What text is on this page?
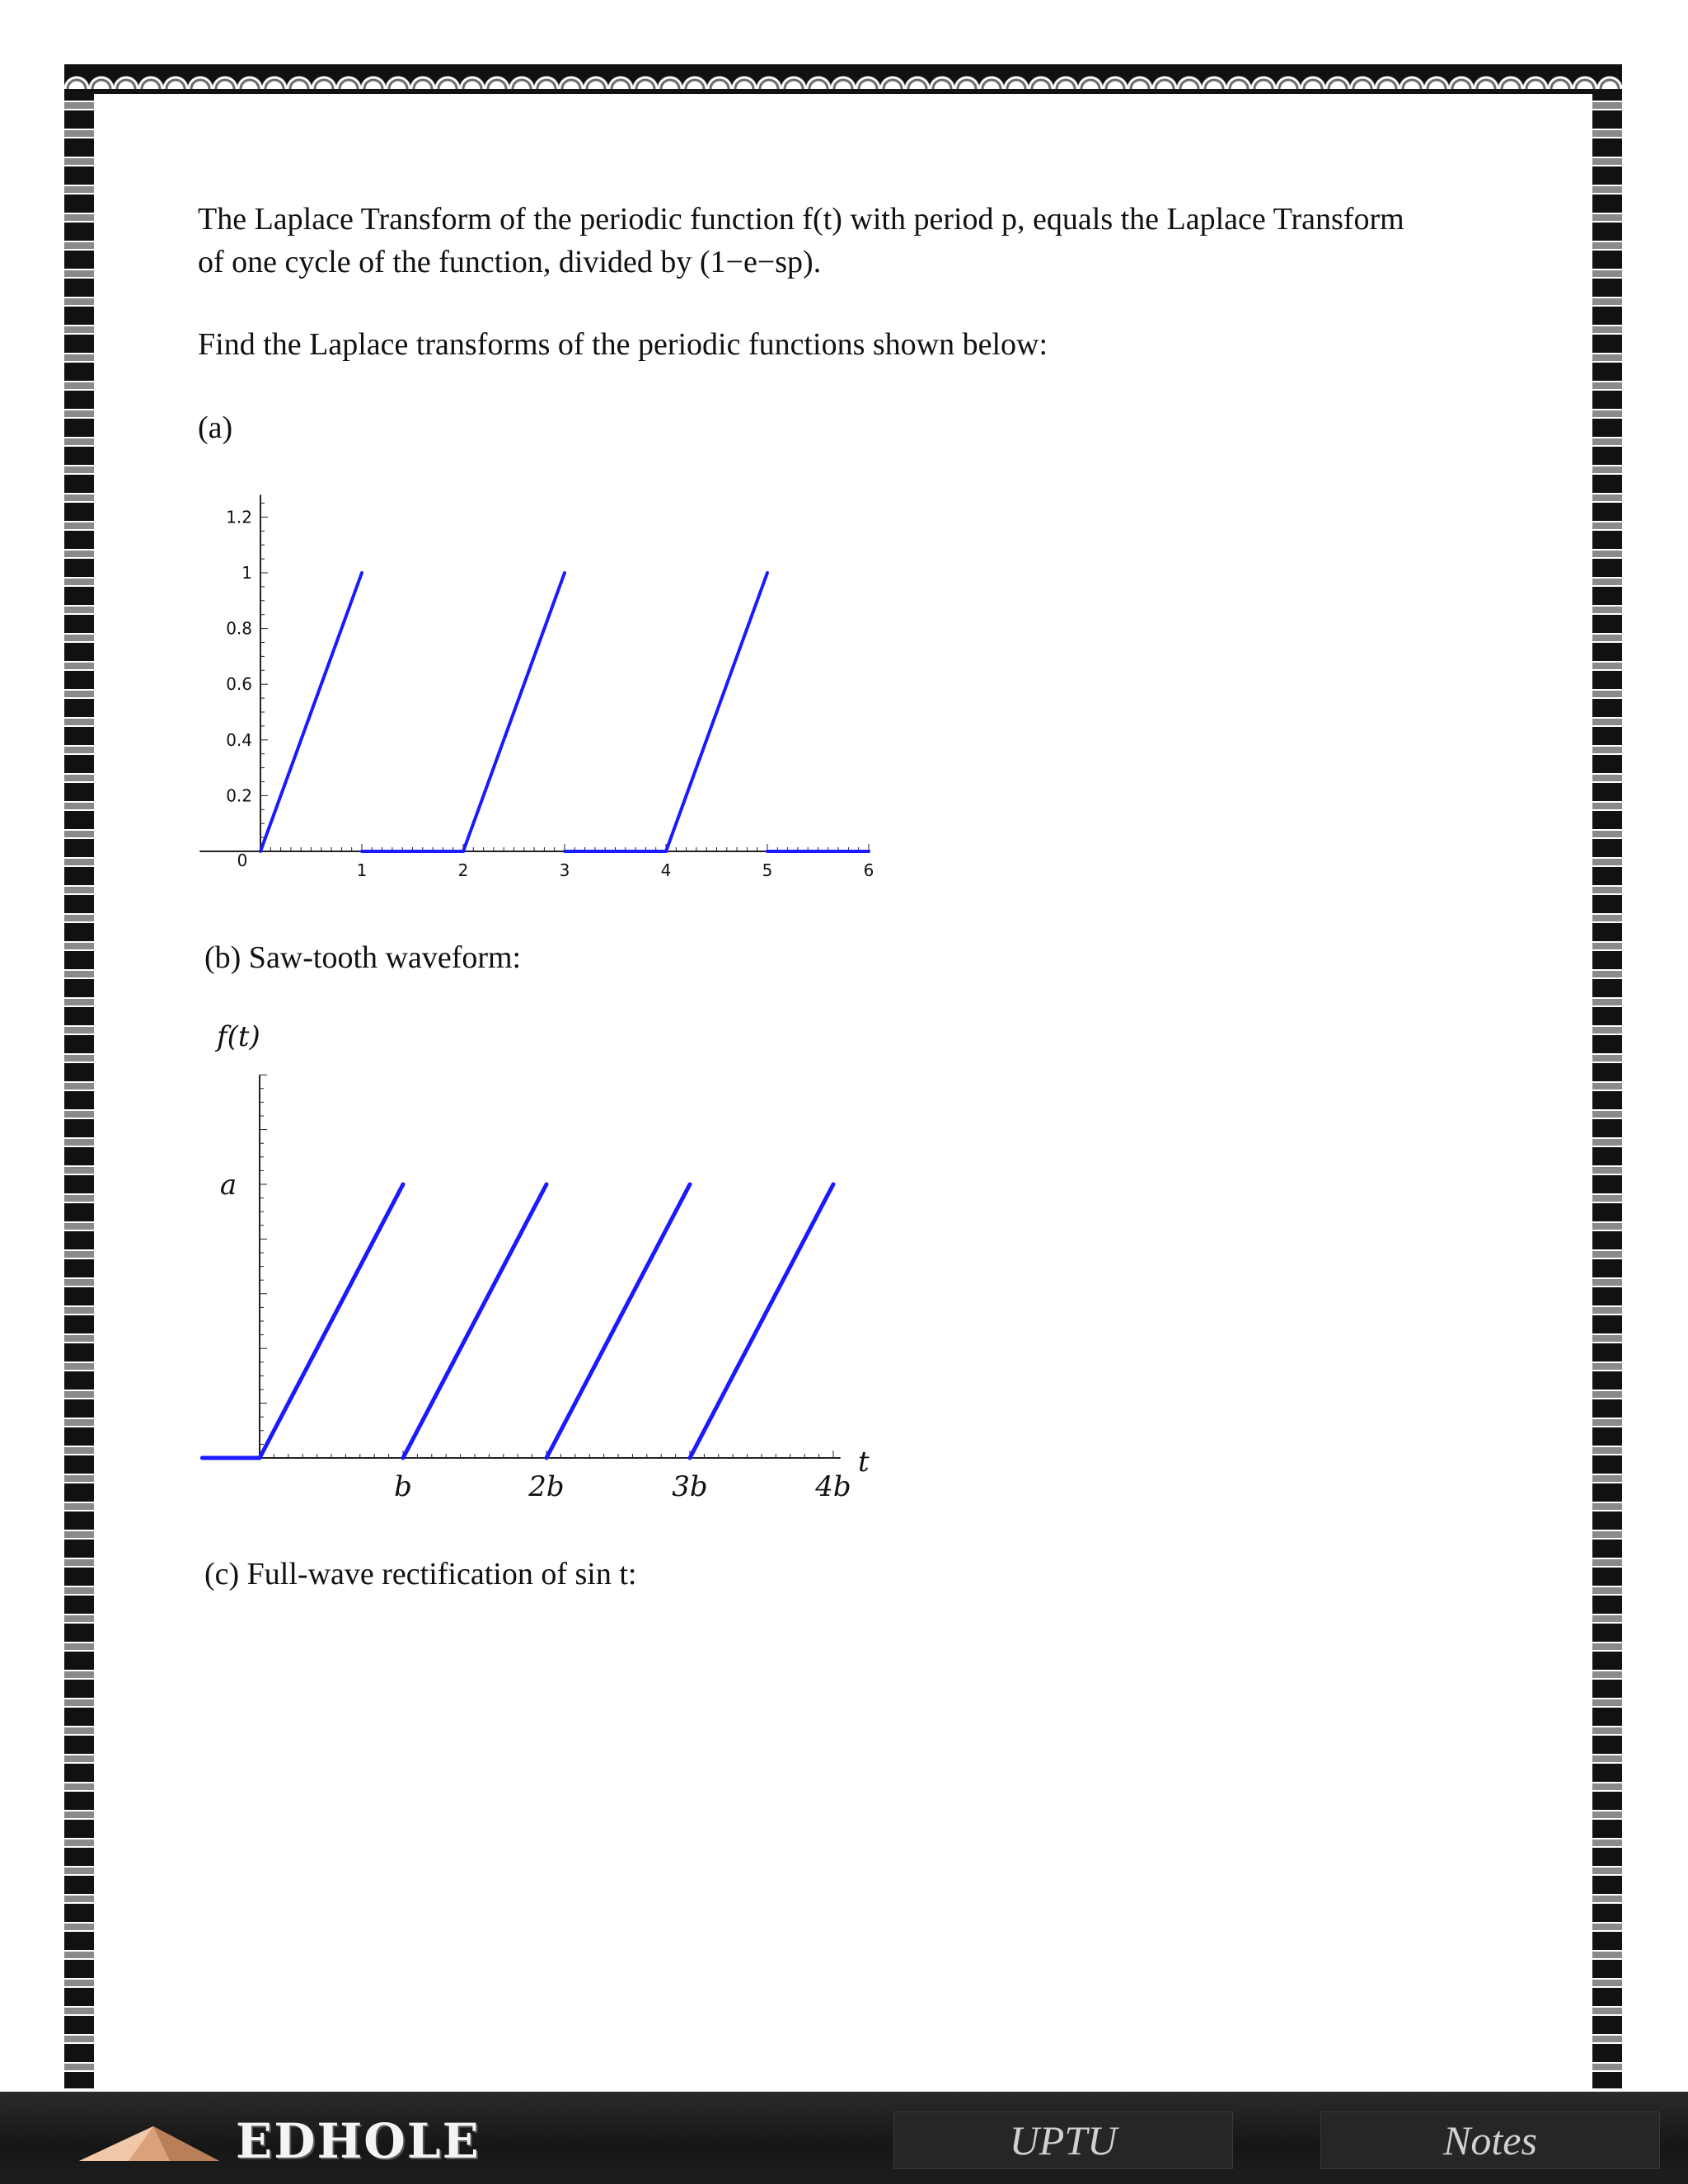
The Laplace Transform of the periodic function f(t) with period p, equals the Laplace Transform
of one cycle of the function, divided by (1−e−sp).
Find the Laplace transforms of the periodic functions shown below:
(a)
0	1	2	3	4	5	6
0.2
0.4
0.6
0.8
1
1.2
(b) Saw-tooth waveform:
b	2b	3b	4b
a
f(t)
t
(c) Full-wave rectification of sin t:
EDHOLE	UPTU	Notes
